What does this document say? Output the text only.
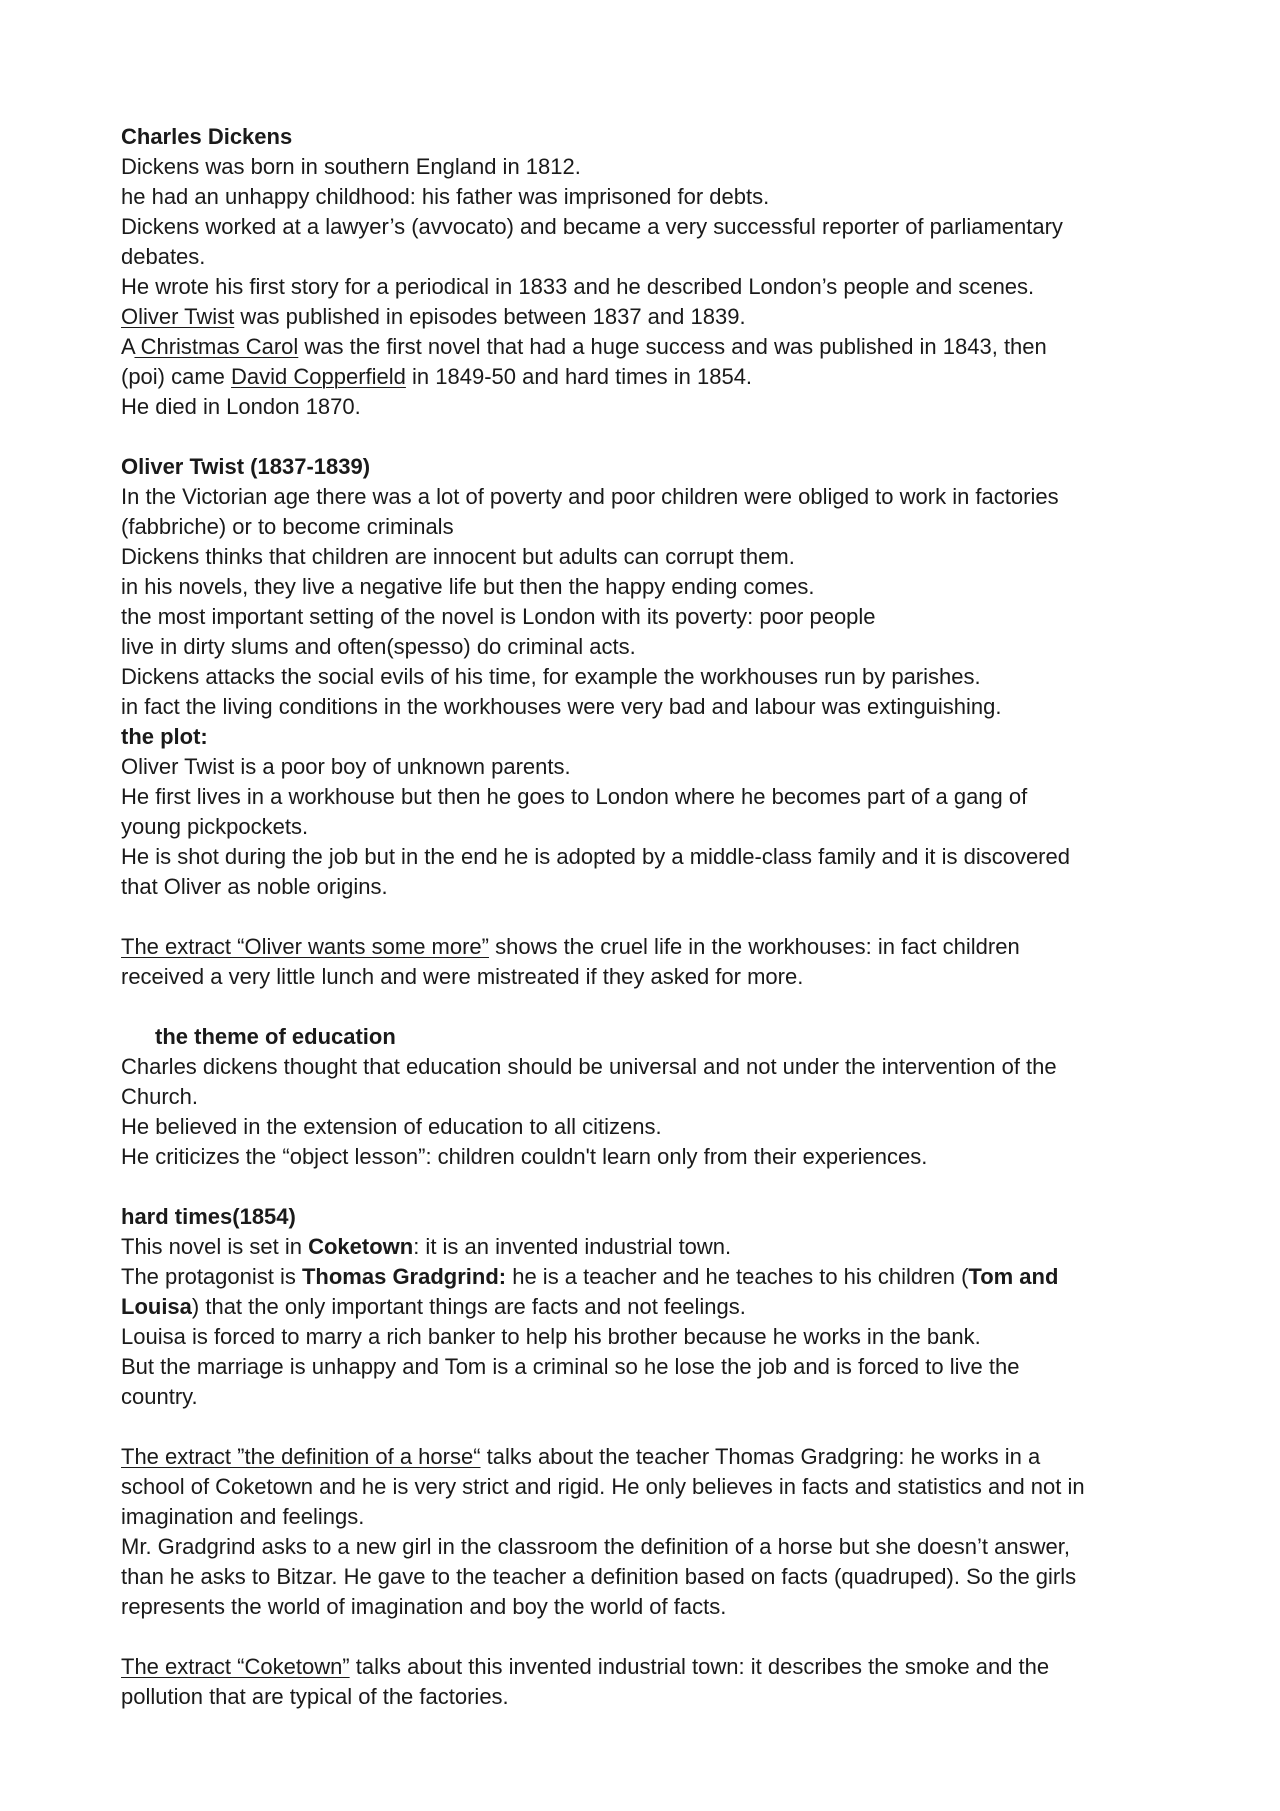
Charles Dickens
Dickens was born in southern England in 1812.
he had an unhappy childhood: his father was imprisoned for debts.
Dickens worked at a lawyer’s (avvocato) and became a very successful reporter of parliamentary
debates.
He wrote his first story for a periodical in 1833 and he described London’s people and scenes.
Oliver Twist was published in episodes between 1837 and 1839.
A Christmas Carol was the first novel that had a huge success and was published in 1843, then
(poi) came David Copperfield in 1849-50 and hard times in 1854.
He died in London 1870.
Oliver Twist (1837-1839)
In the Victorian age there was a lot of poverty and poor children were obliged to work in factories
(fabbriche) or to become criminals
Dickens thinks that children are innocent but adults can corrupt them.
in his novels, they live a negative life but then the happy ending comes.
the most important setting of the novel is London with its poverty: poor people
live in dirty slums and often(spesso) do criminal acts.
Dickens attacks the social evils of his time, for example the workhouses run by parishes.
in fact the living conditions in the workhouses were very bad and labour was extinguishing.
the plot:
Oliver Twist is a poor boy of unknown parents.
He first lives in a workhouse but then he goes to London where he becomes part of a gang of
young pickpockets.
He is shot during the job but in the end he is adopted by a middle-class family and it is discovered
that Oliver as noble origins.
The extract “Oliver wants some more” shows the cruel life in the workhouses: in fact children
received a very little lunch and were mistreated if they asked for more.
the theme of education
Charles dickens thought that education should be universal and not under the intervention of the
Church.
He believed in the extension of education to all citizens.
He criticizes the “object lesson”: children couldn't learn only from their experiences.
hard times(1854)
This novel is set in Coketown: it is an invented industrial town.
The protagonist is Thomas Gradgrind: he is a teacher and he teaches to his children (Tom and
Louisa) that the only important things are facts and not feelings.
Louisa is forced to marry a rich banker to help his brother because he works in the bank.
But the marriage is unhappy and Tom is a criminal so he lose the job and is forced to live the
country.
The extract ”the definition of a horse“ talks about the teacher Thomas Gradgring: he works in a
school of Coketown and he is very strict and rigid. He only believes in facts and statistics and not in
imagination and feelings.
Mr. Gradgrind asks to a new girl in the classroom the definition of a horse but she doesn’t answer,
than he asks to Bitzar. He gave to the teacher a definition based on facts (quadruped). So the girls
represents the world of imagination and boy the world of facts.
The extract “Coketown” talks about this invented industrial town: it describes the smoke and the
pollution that are typical of the factories.
